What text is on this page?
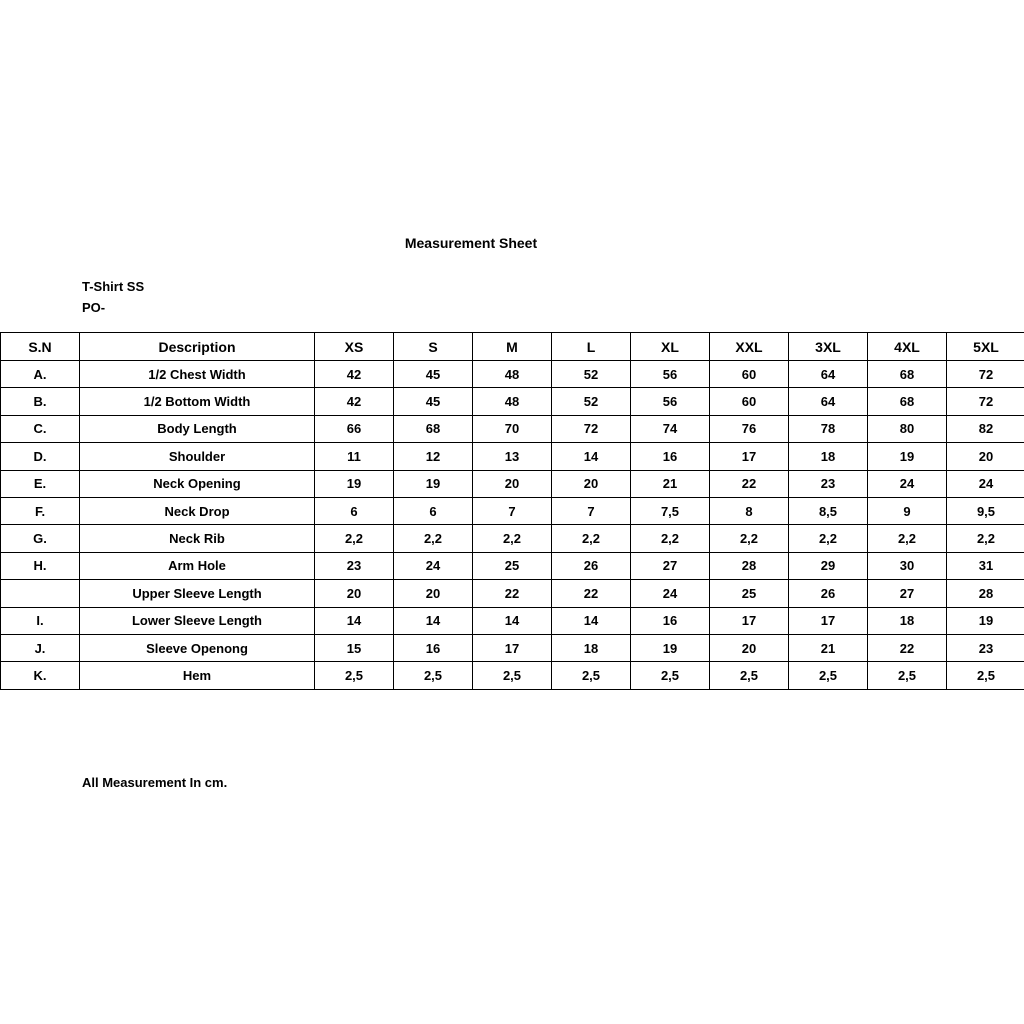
Measurement Sheet
T-Shirt SS
PO-
S.N	Description	XS	S	M	L	XL	XXL	3XL	4XL	5XL
A.	1/2 Chest Width	42	45	48	52	56	60	64	68	72
B.	1/2 Bottom Width	42	45	48	52	56	60	64	68	72
C.	Body Length	66	68	70	72	74	76	78	80	82
D.	Shoulder	11	12	13	14	16	17	18	19	20
E.	Neck Opening	19	19	20	20	21	22	23	24	24
F.	Neck Drop	6	6	7	7	7,5	8	8,5	9	9,5
G.	Neck Rib	2,2	2,2	2,2	2,2	2,2	2,2	2,2	2,2	2,2
H.	Arm Hole	23	24	25	26	27	28	29	30	31
	Upper Sleeve Length	20	20	22	22	24	25	26	27	28
I.	Lower Sleeve Length	14	14	14	14	16	17	17	18	19
J.	Sleeve Openong	15	16	17	18	19	20	21	22	23
K.	Hem	2,5	2,5	2,5	2,5	2,5	2,5	2,5	2,5	2,5
All Measurement In cm.
